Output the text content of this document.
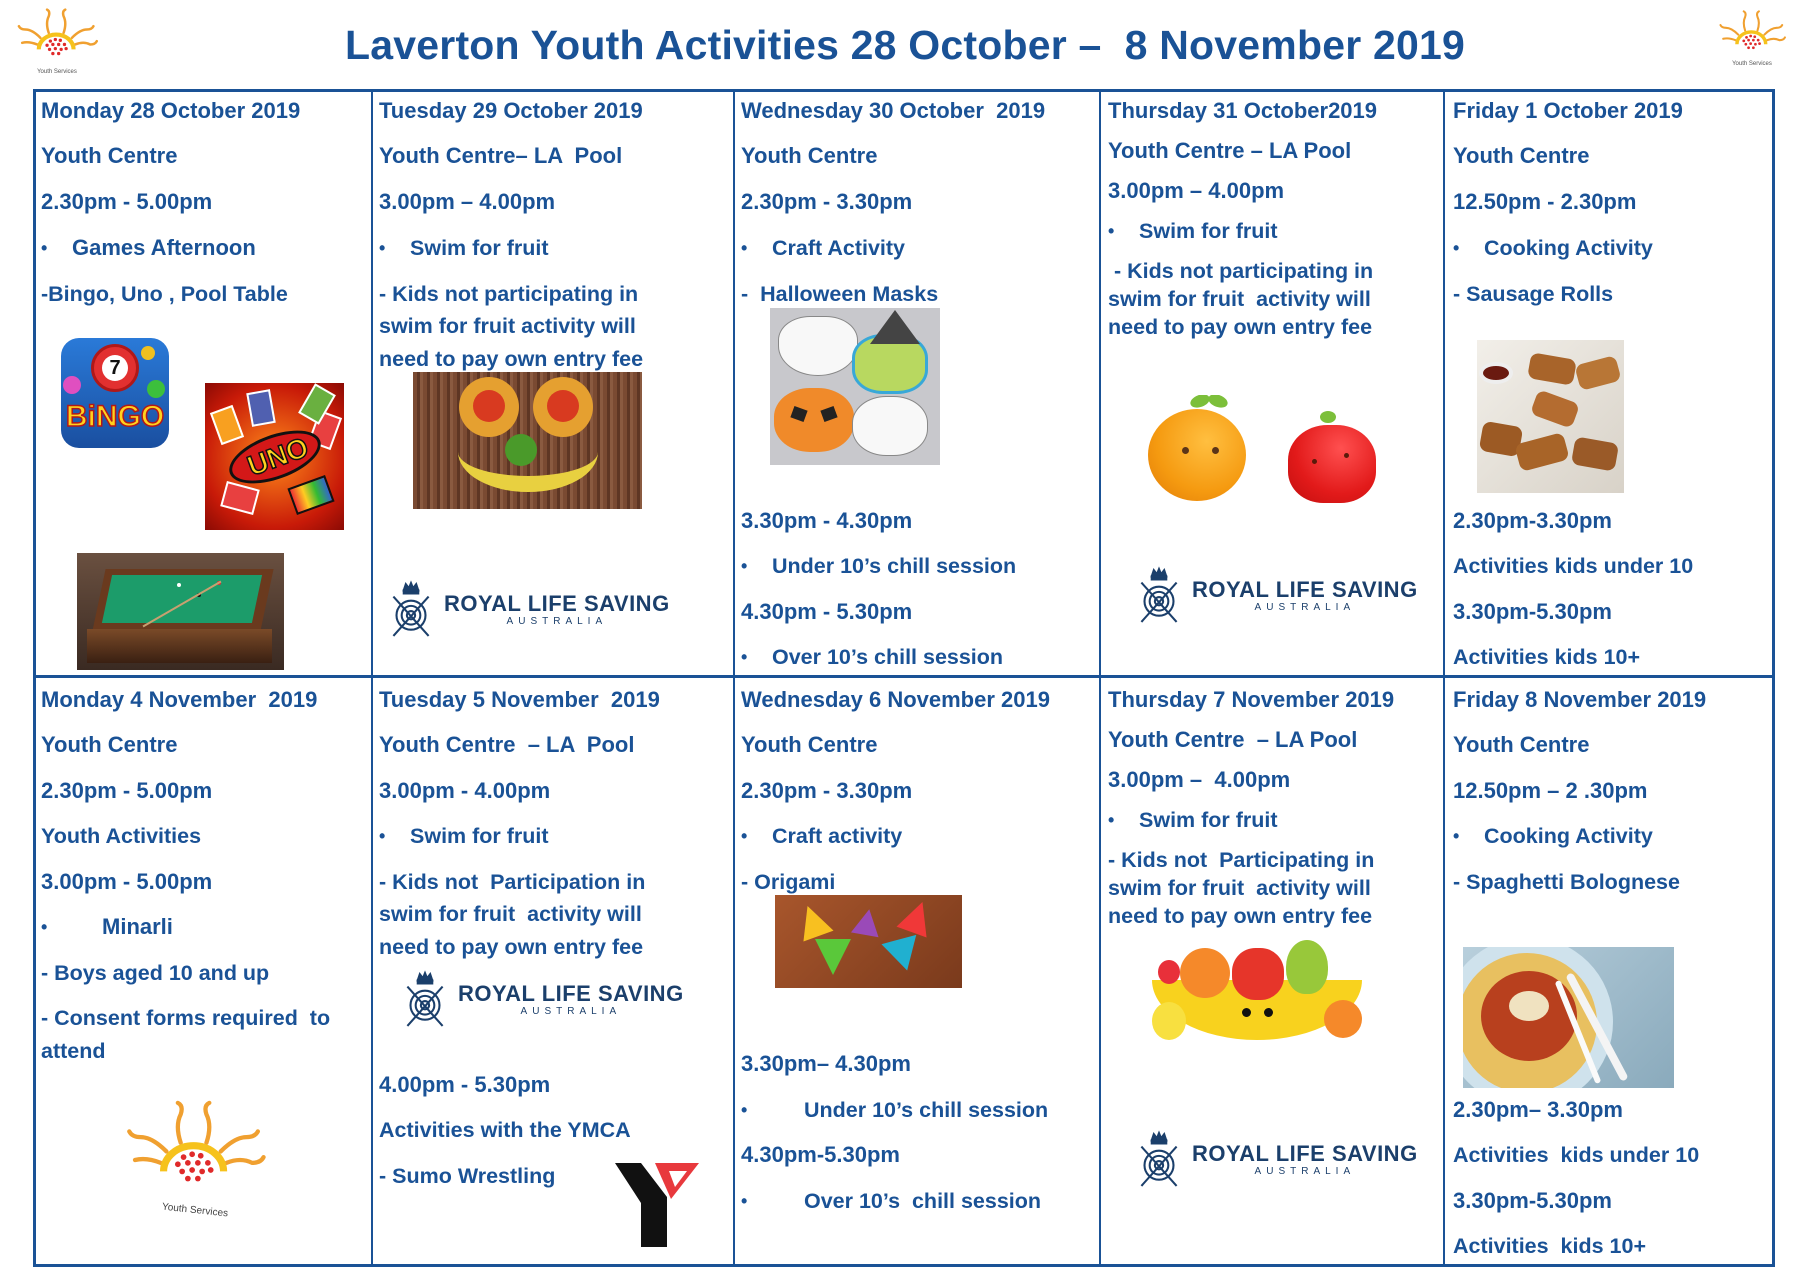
Youth Services
Laverton Youth Activities 28 October –  8 November 2019	Youth Services
Monday 28 October 2019
Youth Centre
2.30pm - 5.00pm
• Games Afternoon
-Bingo, Uno , Pool Table
7
BiNGO
UNO
Tuesday 29 October 2019
Youth Centre– LA  Pool
3.00pm – 4.00pm
• Swim for fruit
- Kids not participating in
swim for fruit activity will
need to pay own entry fee
ROYAL LIFE SAVING
AUSTRALIA
Wednesday 30 October  2019
Youth Centre
2.30pm - 3.30pm
• Craft Activity
-  Halloween Masks
3.30pm - 4.30pm
• Under 10’s chill session
4.30pm - 5.30pm
• Over 10’s chill session
Thursday 31 October2019
Youth Centre – LA Pool
3.00pm – 4.00pm
• Swim for fruit
- Kids not participating in
swim for fruit  activity will
need to pay own entry fee
ROYAL LIFE SAVING
AUSTRALIA
Friday 1 October 2019
Youth Centre
12.50pm - 2.30pm
• Cooking Activity
- Sausage Rolls
2.30pm-3.30pm
Activities kids under 10
3.30pm-5.30pm
Activities kids 10+
Monday 4 November  2019
Youth Centre
2.30pm - 5.00pm
Youth Activities
3.00pm - 5.00pm
• Minarli
- Boys aged 10 and up
- Consent forms required  to
attend
Youth Services
Tuesday 5 November  2019
Youth Centre  – LA  Pool
3.00pm - 4.00pm
• Swim for fruit
- Kids not  Participation in
swim for fruit  activity will
need to pay own entry fee
ROYAL LIFE SAVING
AUSTRALIA
4.00pm - 5.30pm
Activities with the YMCA
- Sumo Wrestling
Wednesday 6 November 2019
Youth Centre
2.30pm - 3.30pm
• Craft activity
- Origami
3.30pm– 4.30pm
• Under 10’s chill session
4.30pm-5.30pm
• Over 10’s  chill session
Thursday 7 November 2019
Youth Centre  – LA Pool
3.00pm –  4.00pm
• Swim for fruit
- Kids not  Participating in
swim for fruit  activity will
need to pay own entry fee
ROYAL LIFE SAVING
AUSTRALIA
Friday 8 November 2019
Youth Centre
12.50pm – 2 .30pm
• Cooking Activity
- Spaghetti Bolognese
2.30pm– 3.30pm
Activities  kids under 10
3.30pm-5.30pm
Activities  kids 10+
